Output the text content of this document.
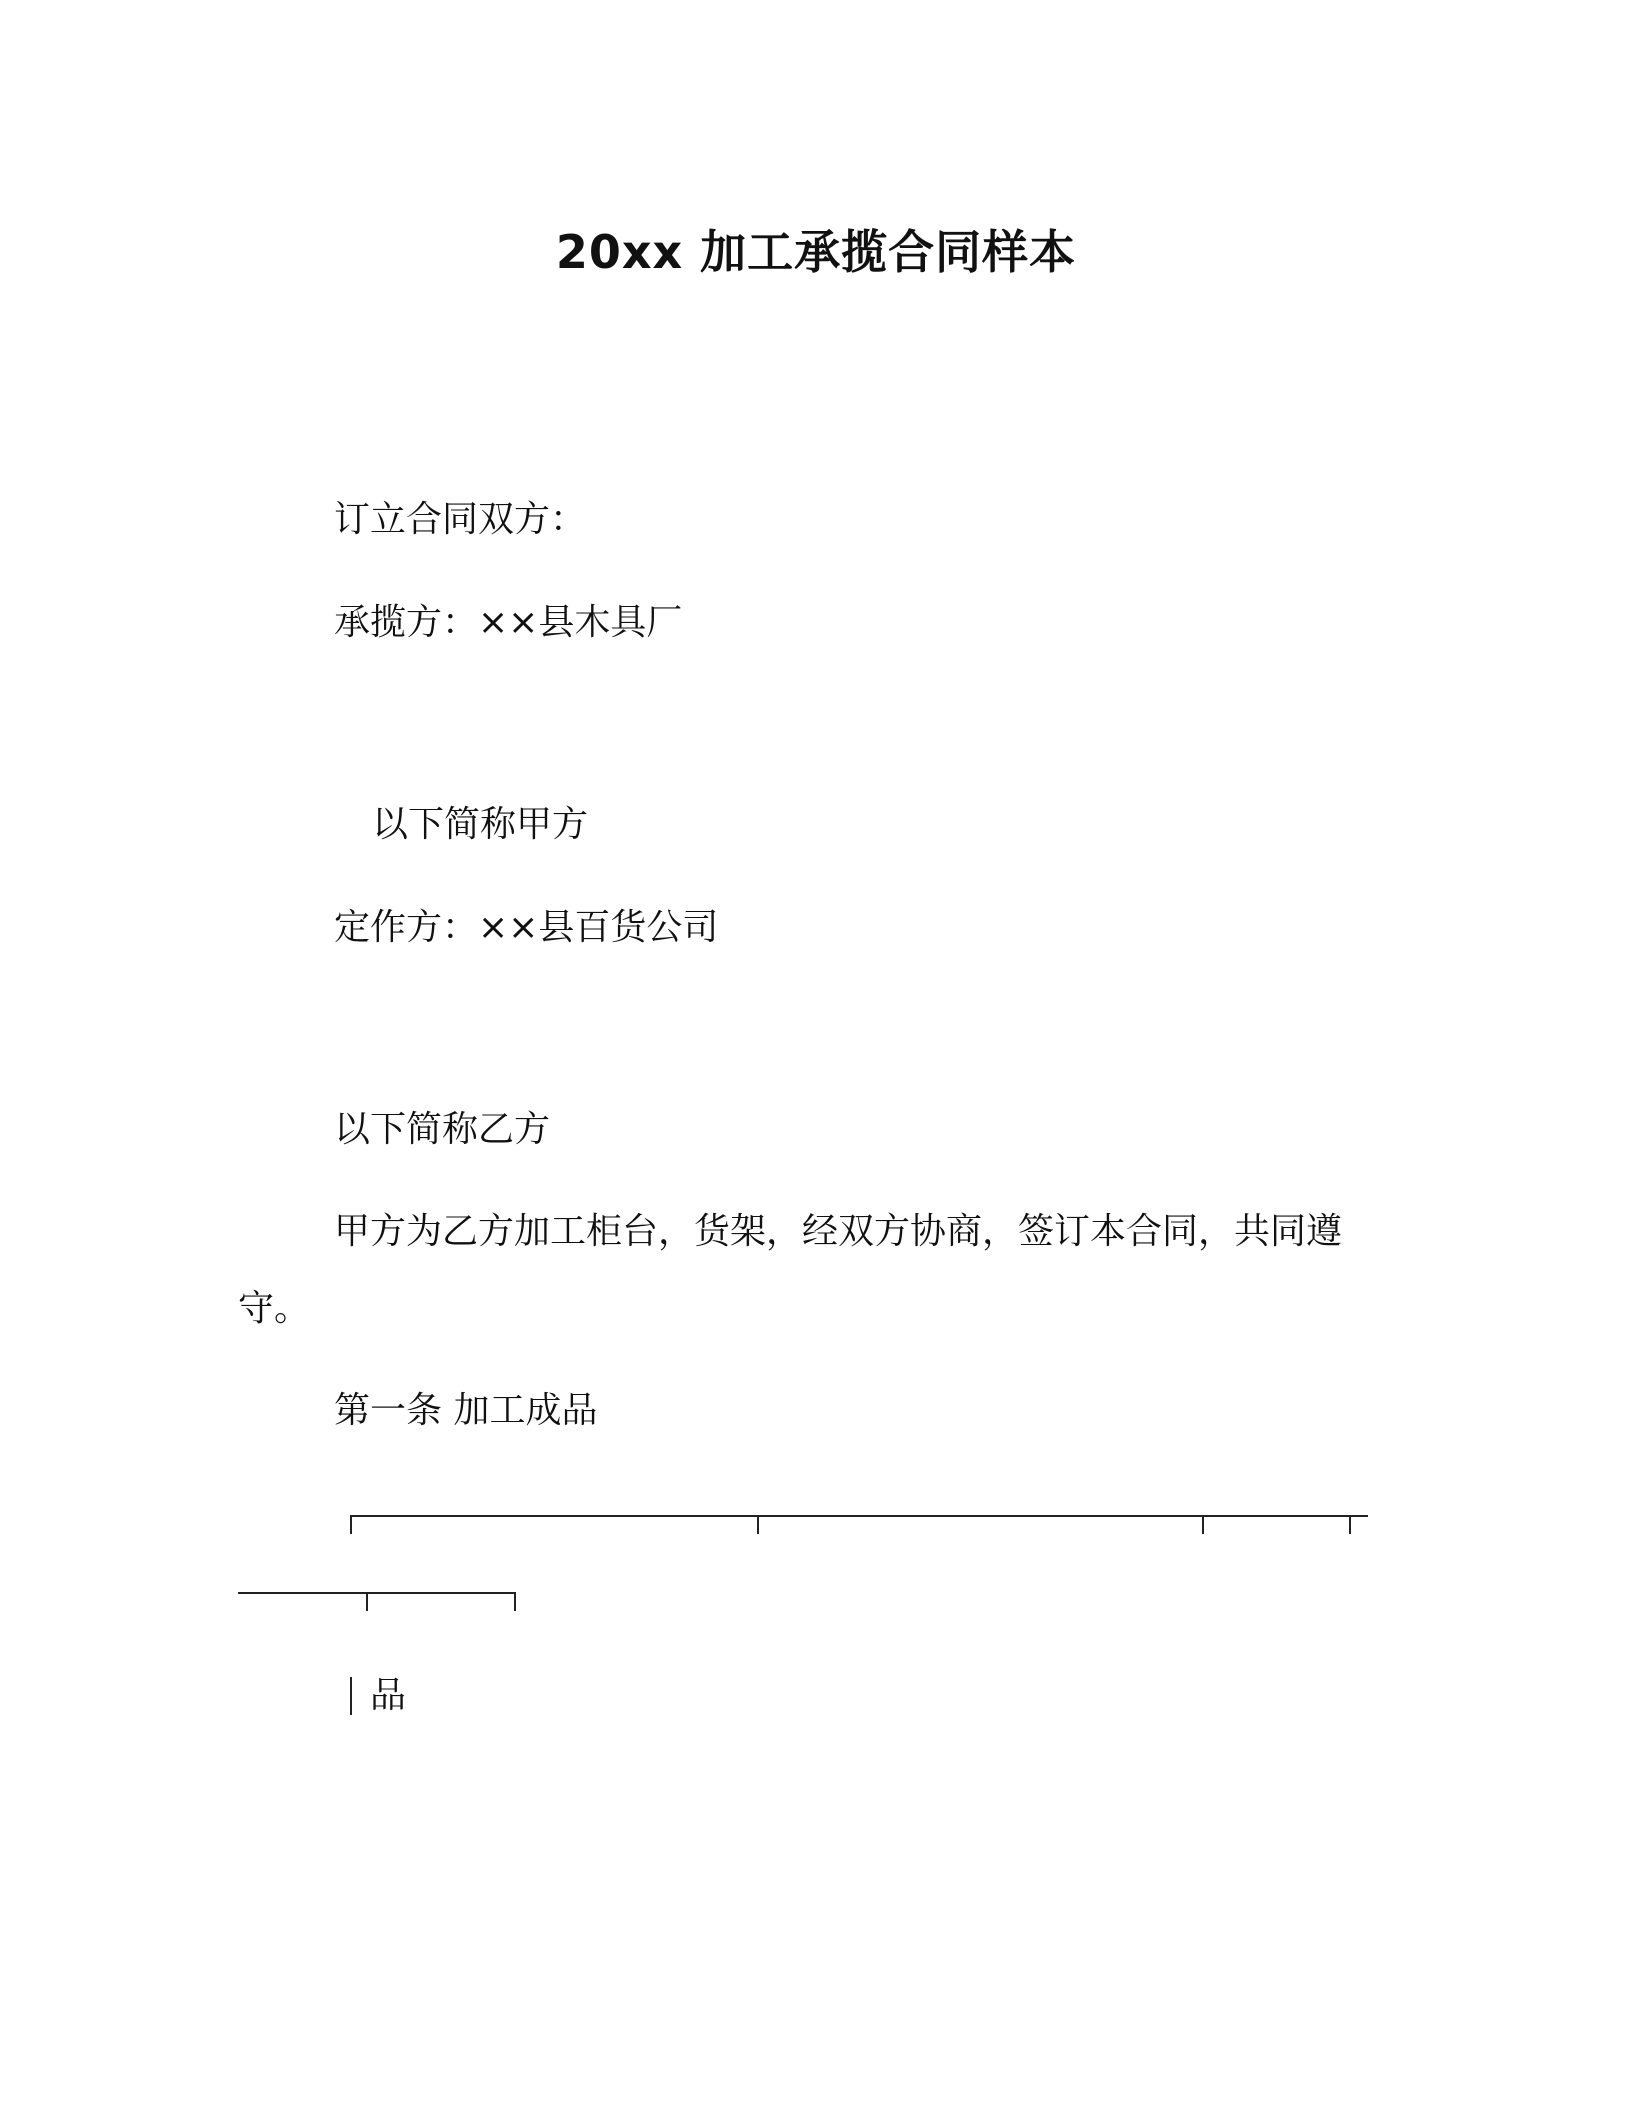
20xx 加工承揽合同样本
订立合同双方：
承揽方：××县木具厂
以下简称甲方
定作方：××县百货公司
以下简称乙方
甲方为乙方加工柜台，货架，经双方协商，签订本合同，共同遵
守。
第一条 加工成品
品
